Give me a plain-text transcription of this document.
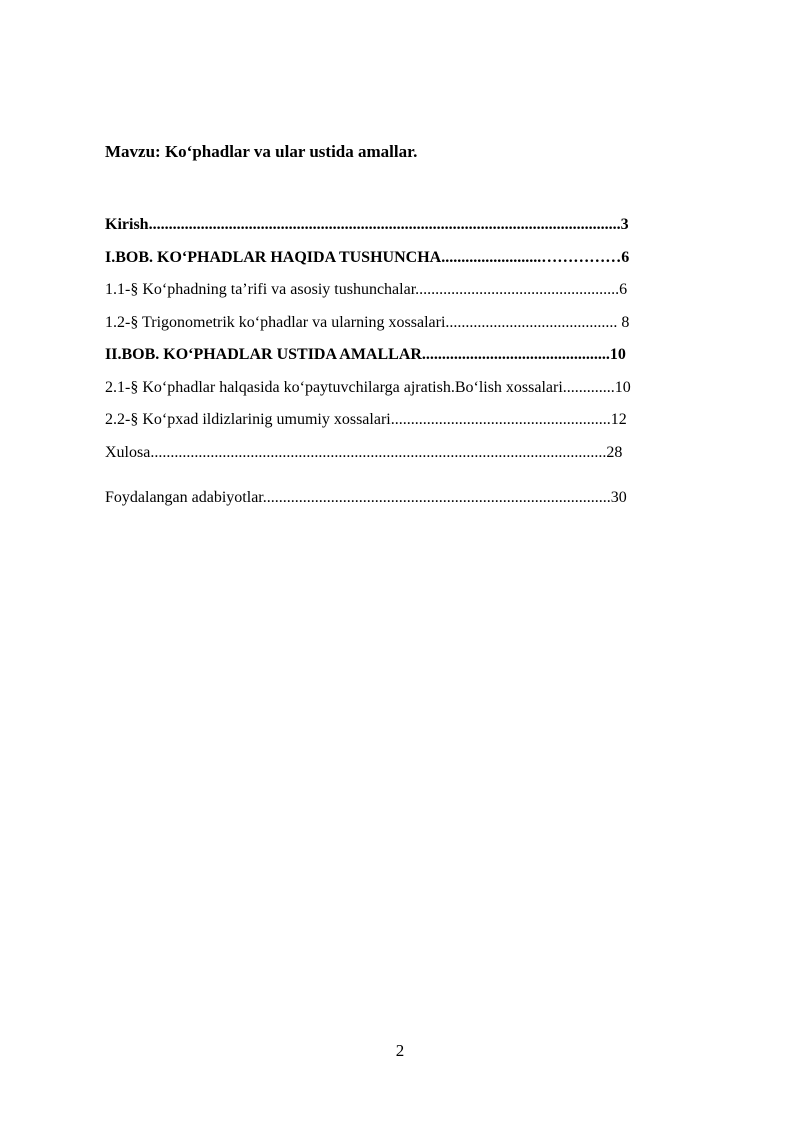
Mavzu: Ko‘phadlar va ular ustida amallar.
Kirish......................................................................................................................3
I.BOB. KO‘PHADLAR HAQIDA TUSHUNCHA.........................……………6
1.1-§ Ko‘phadning ta’rifi va asosiy tushunchalar...................................................6
1.2-§ Trigonometrik ko‘phadlar va ularning xossalari........................................... 8
II.BOB. KO‘PHADLAR USTIDA AMALLAR...............................................10
2.1-§ Ko‘phadlar halqasida ko‘paytuvchilarga ajratish.Bo‘lish xossalari.............10
2.2-§ Ko‘pxad ildizlarinig umumiy xossalari.......................................................12
Xulosa..................................................................................................................28
Foydalangan adabiyotlar.......................................................................................30
2
